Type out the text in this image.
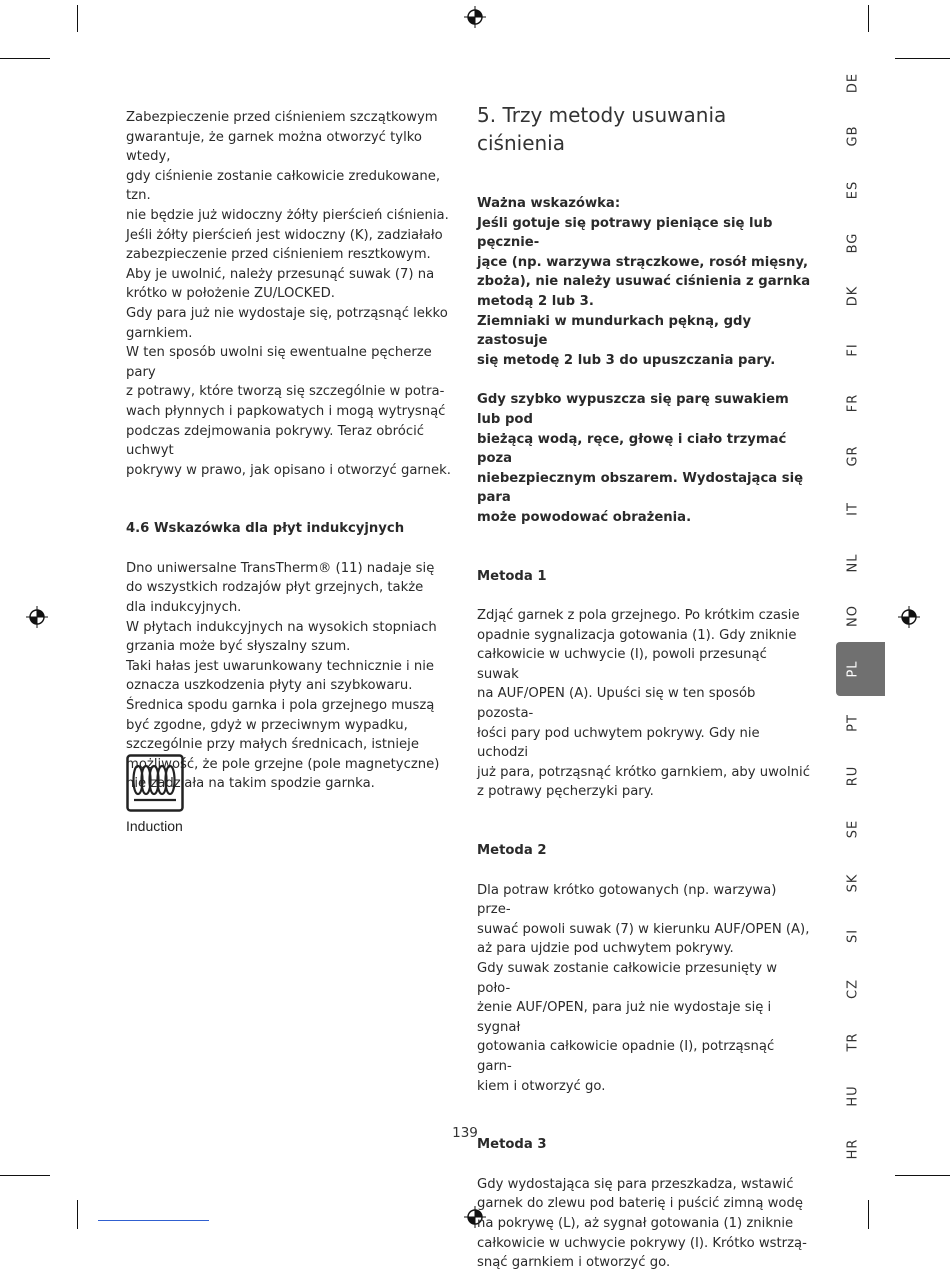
Zabezpieczenie przed ciśnieniem szczątkowym
gwarantuje, że garnek można otworzyć tylko wtedy,
gdy ciśnienie zostanie całkowicie zredukowane, tzn.
nie będzie już widoczny żółty pierścień ciśnienia.
Jeśli żółty pierścień jest widoczny (K), zadziałało
zabezpieczenie przed ciśnieniem resztkowym.
Aby je uwolnić, należy przesunąć suwak (7) na
krótko w położenie ZU/LOCKED.
Gdy para już nie wydostaje się, potrząsnąć lekko
garnkiem.
W ten sposób uwolni się ewentualne pęcherze pary
z potrawy, które tworzą się szczególnie w potra-
wach płynnych i papkowatych i mogą wytrysnąć
podczas zdejmowania pokrywy. Teraz obrócić uchwyt
pokrywy w prawo, jak opisano i otworzyć garnek.

4.6 Wskazówka dla płyt indukcyjnych

Dno uniwersalne TransTherm® (11) nadaje się
do wszystkich rodzajów płyt grzejnych, także
dla indukcyjnych.
W płytach indukcyjnych na wysokich stopniach
grzania może być słyszalny szum.
Taki hałas jest uwarunkowany technicznie i nie
oznacza uszkodzenia płyty ani szybkowaru.
Średnica spodu garnka i pola grzejnego muszą
być zgodne, gdyż w przeciwnym wypadku,
szczególnie przy małych średnicach, istnieje
możliwość, że pole grzejne (pole magnetyczne)
nie zadziała na takim spodzie garnka.

Induction
5. Trzy metody usuwania ciśnienia

Ważna wskazówka:

Jeśli gotuje się potrawy pieniące się lub pęcznie-
jące (np. warzywa strączkowe, rosół mięsny,
zboża), nie należy usuwać ciśnienia z garnka
metodą 2 lub 3.
Ziemniaki w mundurkach pękną, gdy zastosuje
się metodę 2 lub 3 do upuszczania pary.

Gdy szybko wypuszcza się parę suwakiem lub pod
bieżącą wodą, ręce, głowę i ciało trzymać poza
niebezpiecznym obszarem. Wydostająca się para
może powodować obrażenia.

Metoda 1

Zdjąć garnek z pola grzejnego. Po krótkim czasie
opadnie sygnalizacja gotowania (1). Gdy zniknie
całkowicie w uchwycie (I), powoli przesunąć suwak
na AUF/OPEN (A). Upuści się w ten sposób pozosta-
łości pary pod uchwytem pokrywy. Gdy nie uchodzi
już para, potrząsnąć krótko garnkiem, aby uwolnić
z potrawy pęcherzyki pary.

Metoda 2

Dla potraw krótko gotowanych (np. warzywa) prze-
suwać powoli suwak (7) w kierunku AUF/OPEN (A),
aż para ujdzie pod uchwytem pokrywy.
Gdy suwak zostanie całkowicie przesunięty w poło-
żenie AUF/OPEN, para już nie wydostaje się i sygnał
gotowania całkowicie opadnie (I), potrząsnąć garn-
kiem i otworzyć go.

Metoda 3

Gdy wydostająca się para przeszkadza, wstawić
garnek do zlewu pod baterię i puścić zimną wodę
na pokrywę (L), aż sygnał gotowania (1) zniknie
całkowicie w uchwycie pokrywy (I). Krótko wstrzą-
snąć garnkiem i otworzyć go.

DE
GB
ES
BG
DK
FI
FR
GR
IT
NL
NO
PL
PT
RU
SE
SK
SI
CZ
TR
HU
HR
139
